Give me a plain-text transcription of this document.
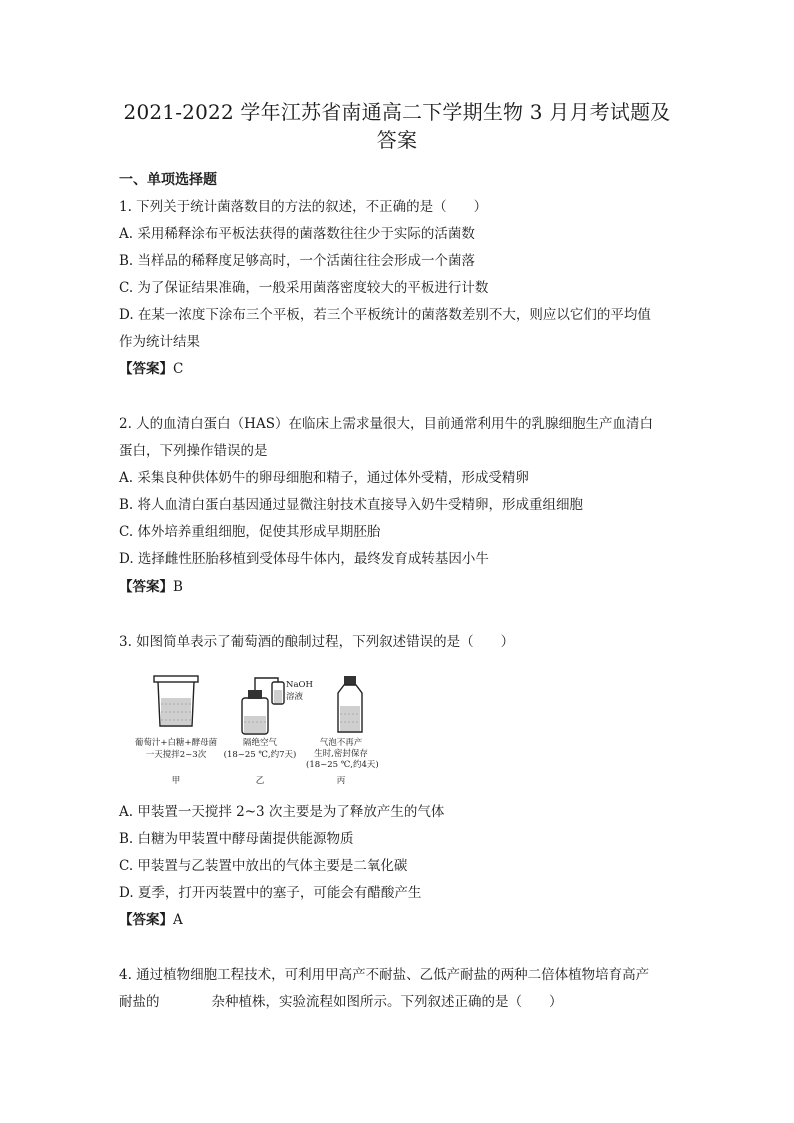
2021-2022 学年江苏省南通高二下学期生物 3 月月考试题及
答案
一、单项选择题
1. 下列关于统计菌落数目的方法的叙述，不正确的是（　　）
A. 采用稀释涂布平板法获得的菌落数往往少于实际的活菌数
B. 当样品的稀释度足够高时，一个活菌往往会形成一个菌落
C. 为了保证结果准确，一般采用菌落密度较大的平板进行计数
D. 在某一浓度下涂布三个平板，若三个平板统计的菌落数差别不大，则应以它们的平均值
作为统计结果
【答案】C
2. 人的血清白蛋白（HAS）在临床上需求量很大，目前通常利用牛的乳腺细胞生产血清白
蛋白，下列操作错误的是
A. 采集良种供体奶牛的卵母细胞和精子，通过体外受精，形成受精卵
B. 将人血清白蛋白基因通过显微注射技术直接导入奶牛受精卵，形成重组细胞
C. 体外培养重组细胞，促使其形成早期胚胎
D. 选择雌性胚胎移植到受体母牛体内，最终发育成转基因小牛
【答案】B
3. 如图简单表示了葡萄酒的酿制过程，下列叙述错误的是（　　）
NaOH
溶液
葡萄汁+白糖+酵母菌
一天搅拌2~3次
甲
隔绝空气
(18~25 ℃,约7天)
乙
气泡不再产
生时,密封保存
(18~25 ℃,约4天)
丙
A. 甲装置一天搅拌 2~3 次主要是为了释放产生的气体
B. 白糖为甲装置中酵母菌提供能源物质
C. 甲装置与乙装置中放出的气体主要是二氧化碳
D. 夏季，打开丙装置中的塞子，可能会有醋酸产生
【答案】A
4. 通过植物细胞工程技术，可利用甲高产不耐盐、乙低产耐盐的两种二倍体植物培育高产
耐盐的	杂种植株，实验流程如图所示。下列叙述正确的是（　　）
